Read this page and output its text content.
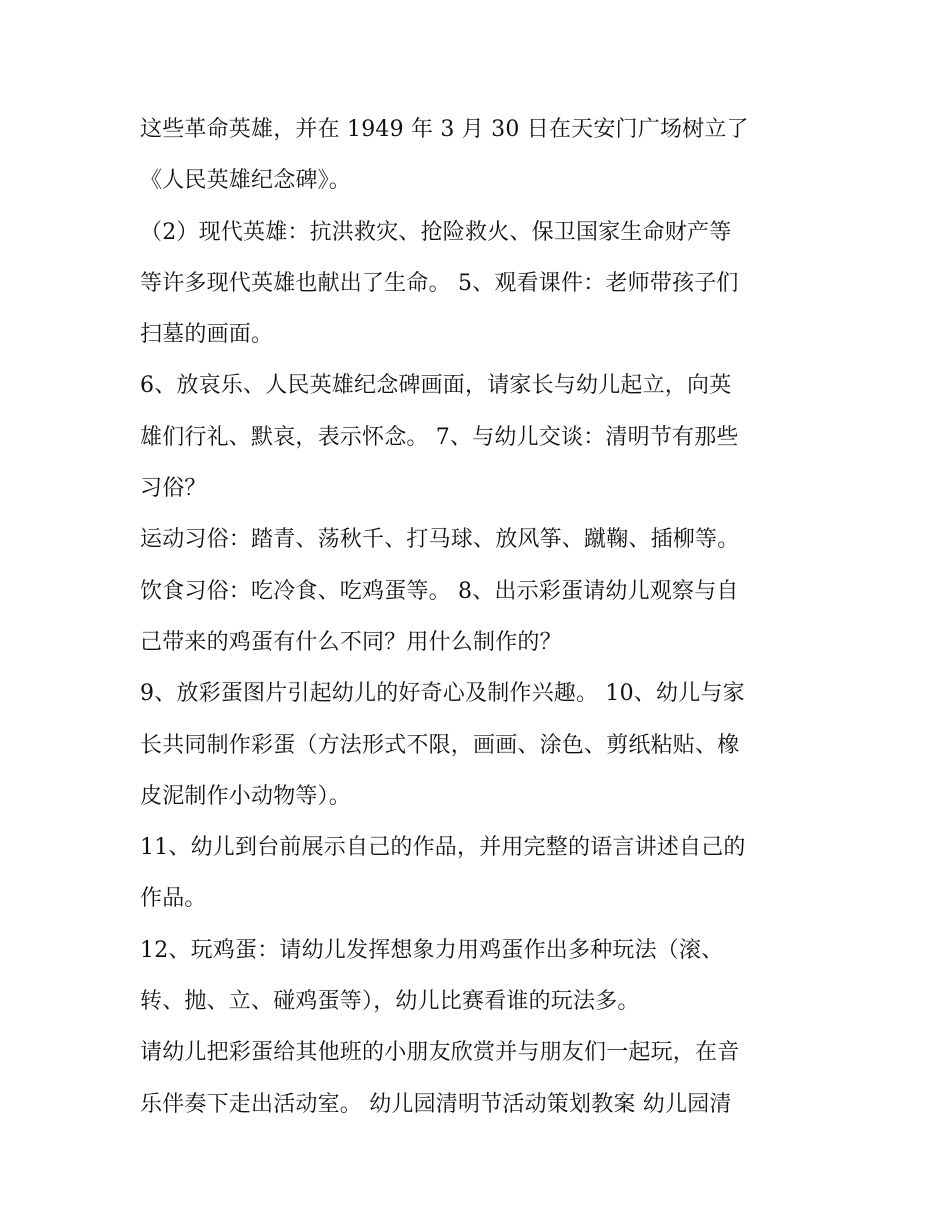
这些革命英雄，并在 1949 年 3 月 30 日在天安门广场树立了
《人民英雄纪念碑》。
（2）现代英雄：抗洪救灾、抢险救火、保卫国家生命财产等
等许多现代英雄也献出了生命。 5、观看课件：老师带孩子们
扫墓的画面。
6、放哀乐、人民英雄纪念碑画面，请家长与幼儿起立，向英
雄们行礼、默哀，表示怀念。 7、与幼儿交谈：清明节有那些
习俗？
运动习俗：踏青、荡秋千、打马球、放风筝、蹴鞠、插柳等。
饮食习俗：吃冷食、吃鸡蛋等。 8、出示彩蛋请幼儿观察与自
己带来的鸡蛋有什么不同？用什么制作的？
9、放彩蛋图片引起幼儿的好奇心及制作兴趣。 10、幼儿与家
长共同制作彩蛋（方法形式不限，画画、涂色、剪纸粘贴、橡
皮泥制作小动物等）。
11、幼儿到台前展示自己的作品，并用完整的语言讲述自己的
作品。
12、玩鸡蛋：请幼儿发挥想象力用鸡蛋作出多种玩法（滚、
转、抛、立、碰鸡蛋等），幼儿比赛看谁的玩法多。
请幼儿把彩蛋给其他班的小朋友欣赏并与朋友们一起玩，在音
乐伴奏下走出活动室。 幼儿园清明节活动策划教案 幼儿园清
